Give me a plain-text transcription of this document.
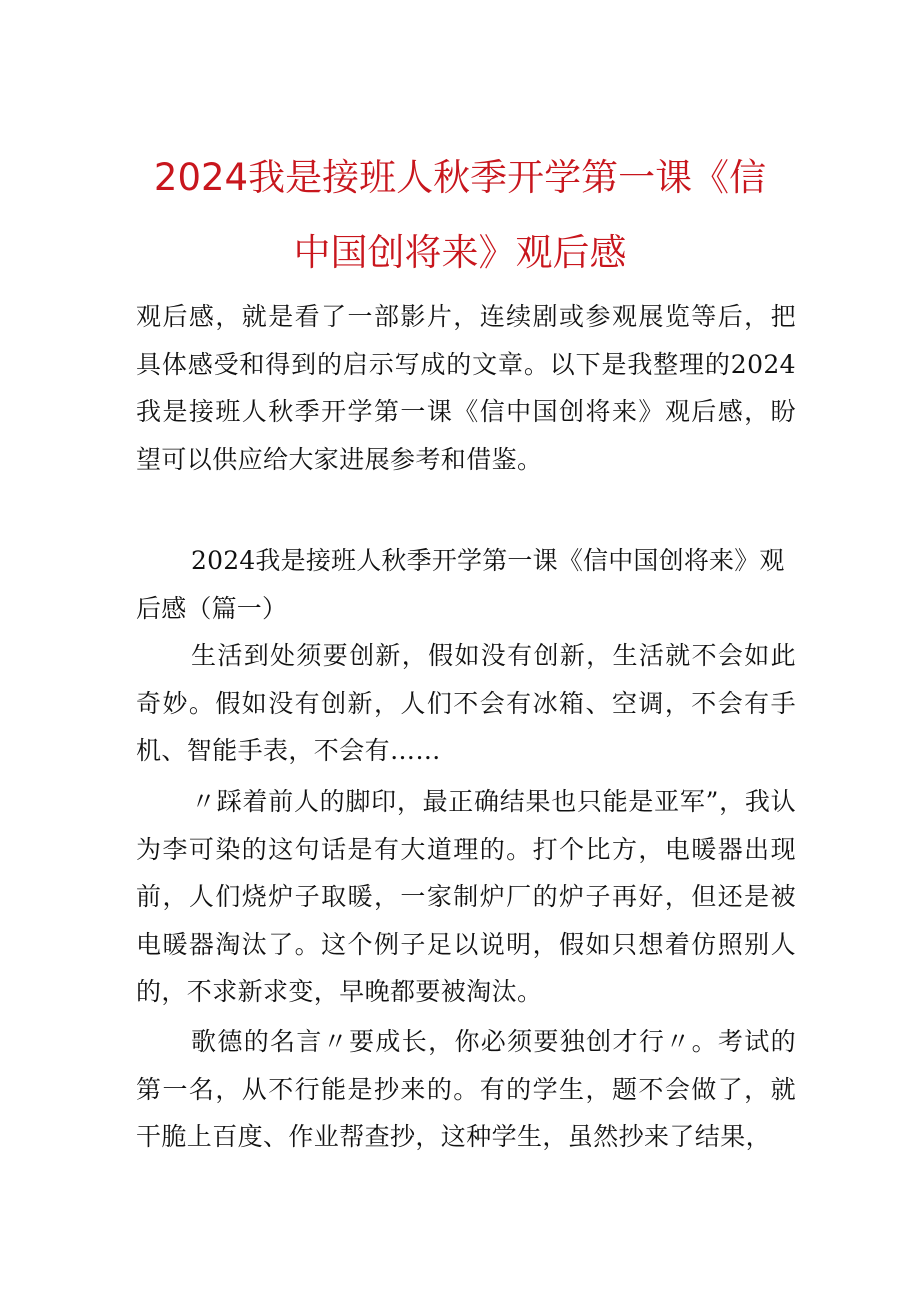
2024我是接班人秋季开学第一课《信
中国创将来》观后感

观后感，就是看了一部影片，连续剧或参观展览等后，把具体感受和得到的启示写成的文章。以下是我整理的2024我是接班人秋季开学第一课《信中国创将来》观后感，盼望可以供应给大家进展参考和借鉴。

2024我是接班人秋季开学第一课《信中国创将来》观后感（篇一）

生活到处须要创新，假如没有创新，生活就不会如此奇妙。假如没有创新，人们不会有冰箱、空调，不会有手机、智能手表，不会有……

〃踩着前人的脚印，最正确结果也只能是亚军”，我认为李可染的这句话是有大道理的。打个比方，电暖器出现前，人们烧炉子取暖，一家制炉厂的炉子再好，但还是被电暖器淘汰了。这个例子足以说明，假如只想着仿照别人的，不求新求变，早晚都要被淘汰。

歌德的名言〃要成长，你必须要独创才行〃。考试的第一名，从不行能是抄来的。有的学生，题不会做了，就干脆上百度、作业帮查抄，这种学生，虽然抄来了结果，
